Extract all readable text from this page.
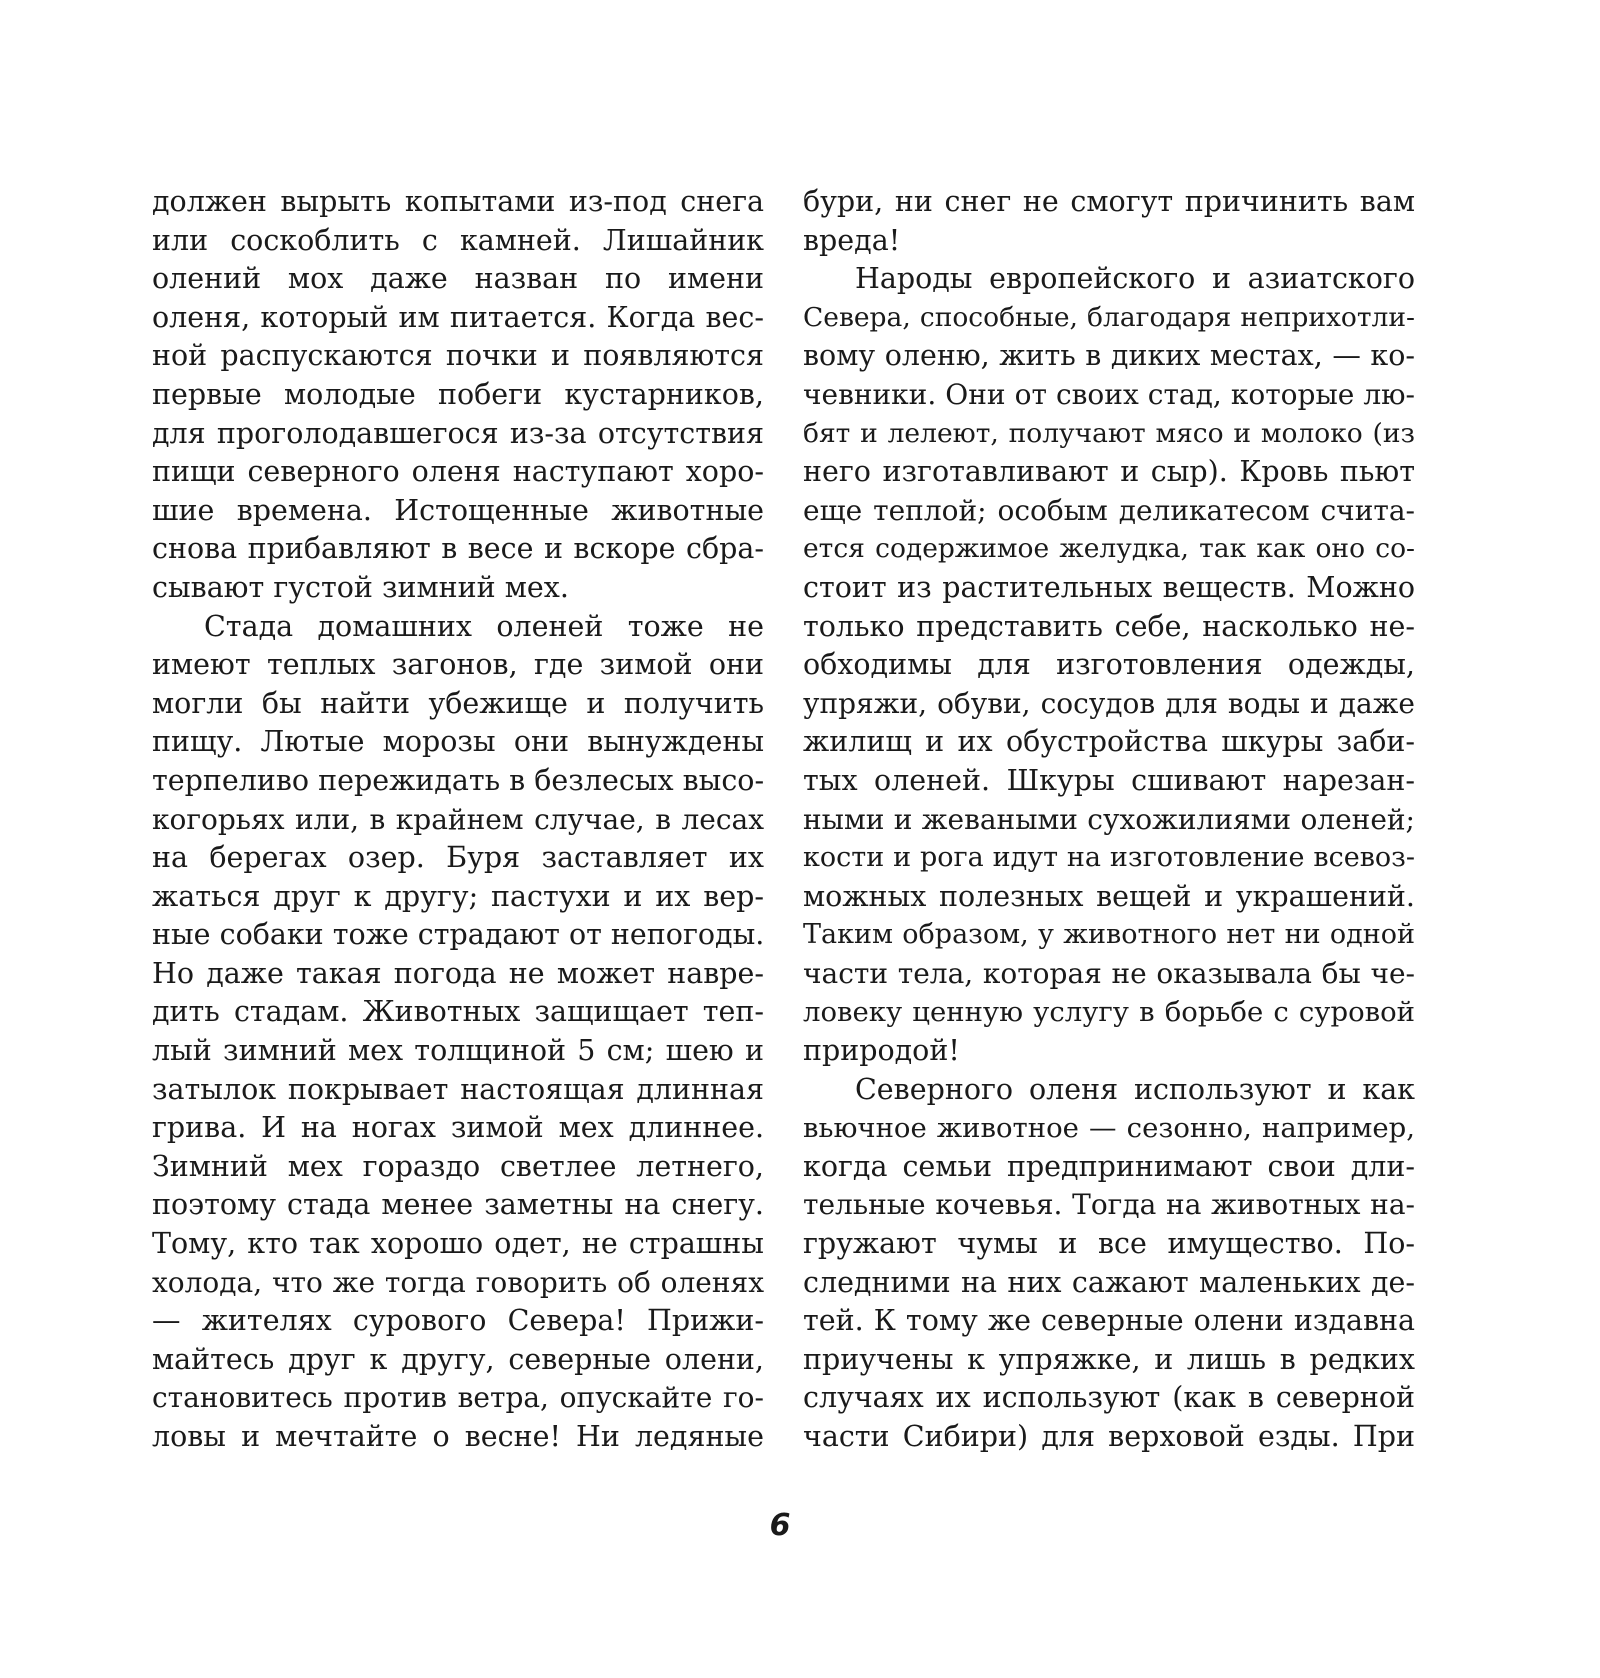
должен вырыть копытами из-под снега
или соскоблить с камней. Лишайник
олений мох даже назван по имени
оленя, который им питается. Когда вес-
ной распускаются почки и появляются
первые молодые побеги кустарников,
для проголодавшегося из-за отсутствия
пищи северного оленя наступают хоро-
шие времена. Истощенные животные
снова прибавляют в весе и вскоре сбра-
сывают густой зимний мех.
Стада домашних оленей тоже не
имеют теплых загонов, где зимой они
могли бы найти убежище и получить
пищу. Лютые морозы они вынуждены
терпеливо пережидать в безлесых высо-
когорьях или, в крайнем случае, в лесах
на берегах озер. Буря заставляет их
жаться друг к другу; пастухи и их вер-
ные собаки тоже страдают от непогоды.
Но даже такая погода не может навре-
дить стадам. Животных защищает теп-
лый зимний мех толщиной 5 см; шею и
затылок покрывает настоящая длинная
грива. И на ногах зимой мех длиннее.
Зимний мех гораздо светлее летнего,
поэтому стада менее заметны на снегу.
Тому, кто так хорошо одет, не страшны
холода, что же тогда говорить об оленях
— жителях сурового Севера! Прижи-
майтесь друг к другу, северные олени,
становитесь против ветра, опускайте го-
ловы и мечтайте о весне! Ни ледяные
бури, ни снег не смогут причинить вам
вреда!
Народы европейского и азиатского
Севера, способные, благодаря неприхотли-
вому оленю, жить в диких местах, — ко-
чевники. Они от своих стад, которые лю-
бят и лелеют, получают мясо и молоко (из
него изготавливают и сыр). Кровь пьют
еще теплой; особым деликатесом счита-
ется содержимое желудка, так как оно со-
стоит из растительных веществ. Можно
только представить себе, насколько не-
обходимы для изготовления одежды,
упряжи, обуви, сосудов для воды и даже
жилищ и их обустройства шкуры заби-
тых оленей. Шкуры сшивают нарезан-
ными и жеваными сухожилиями оленей;
кости и рога идут на изготовление всевоз-
можных полезных вещей и украшений.
Таким образом, у животного нет ни одной
части тела, которая не оказывала бы че-
ловеку ценную услугу в борьбе с суровой
природой!
Северного оленя используют и как
вьючное животное — сезонно, например,
когда семьи предпринимают свои дли-
тельные кочевья. Тогда на животных на-
гружают чумы и все имущество. По-
следними на них сажают маленьких де-
тей. К тому же северные олени издавна
приучены к упряжке, и лишь в редких
случаях их используют (как в северной
части Сибири) для верховой езды. При
6
